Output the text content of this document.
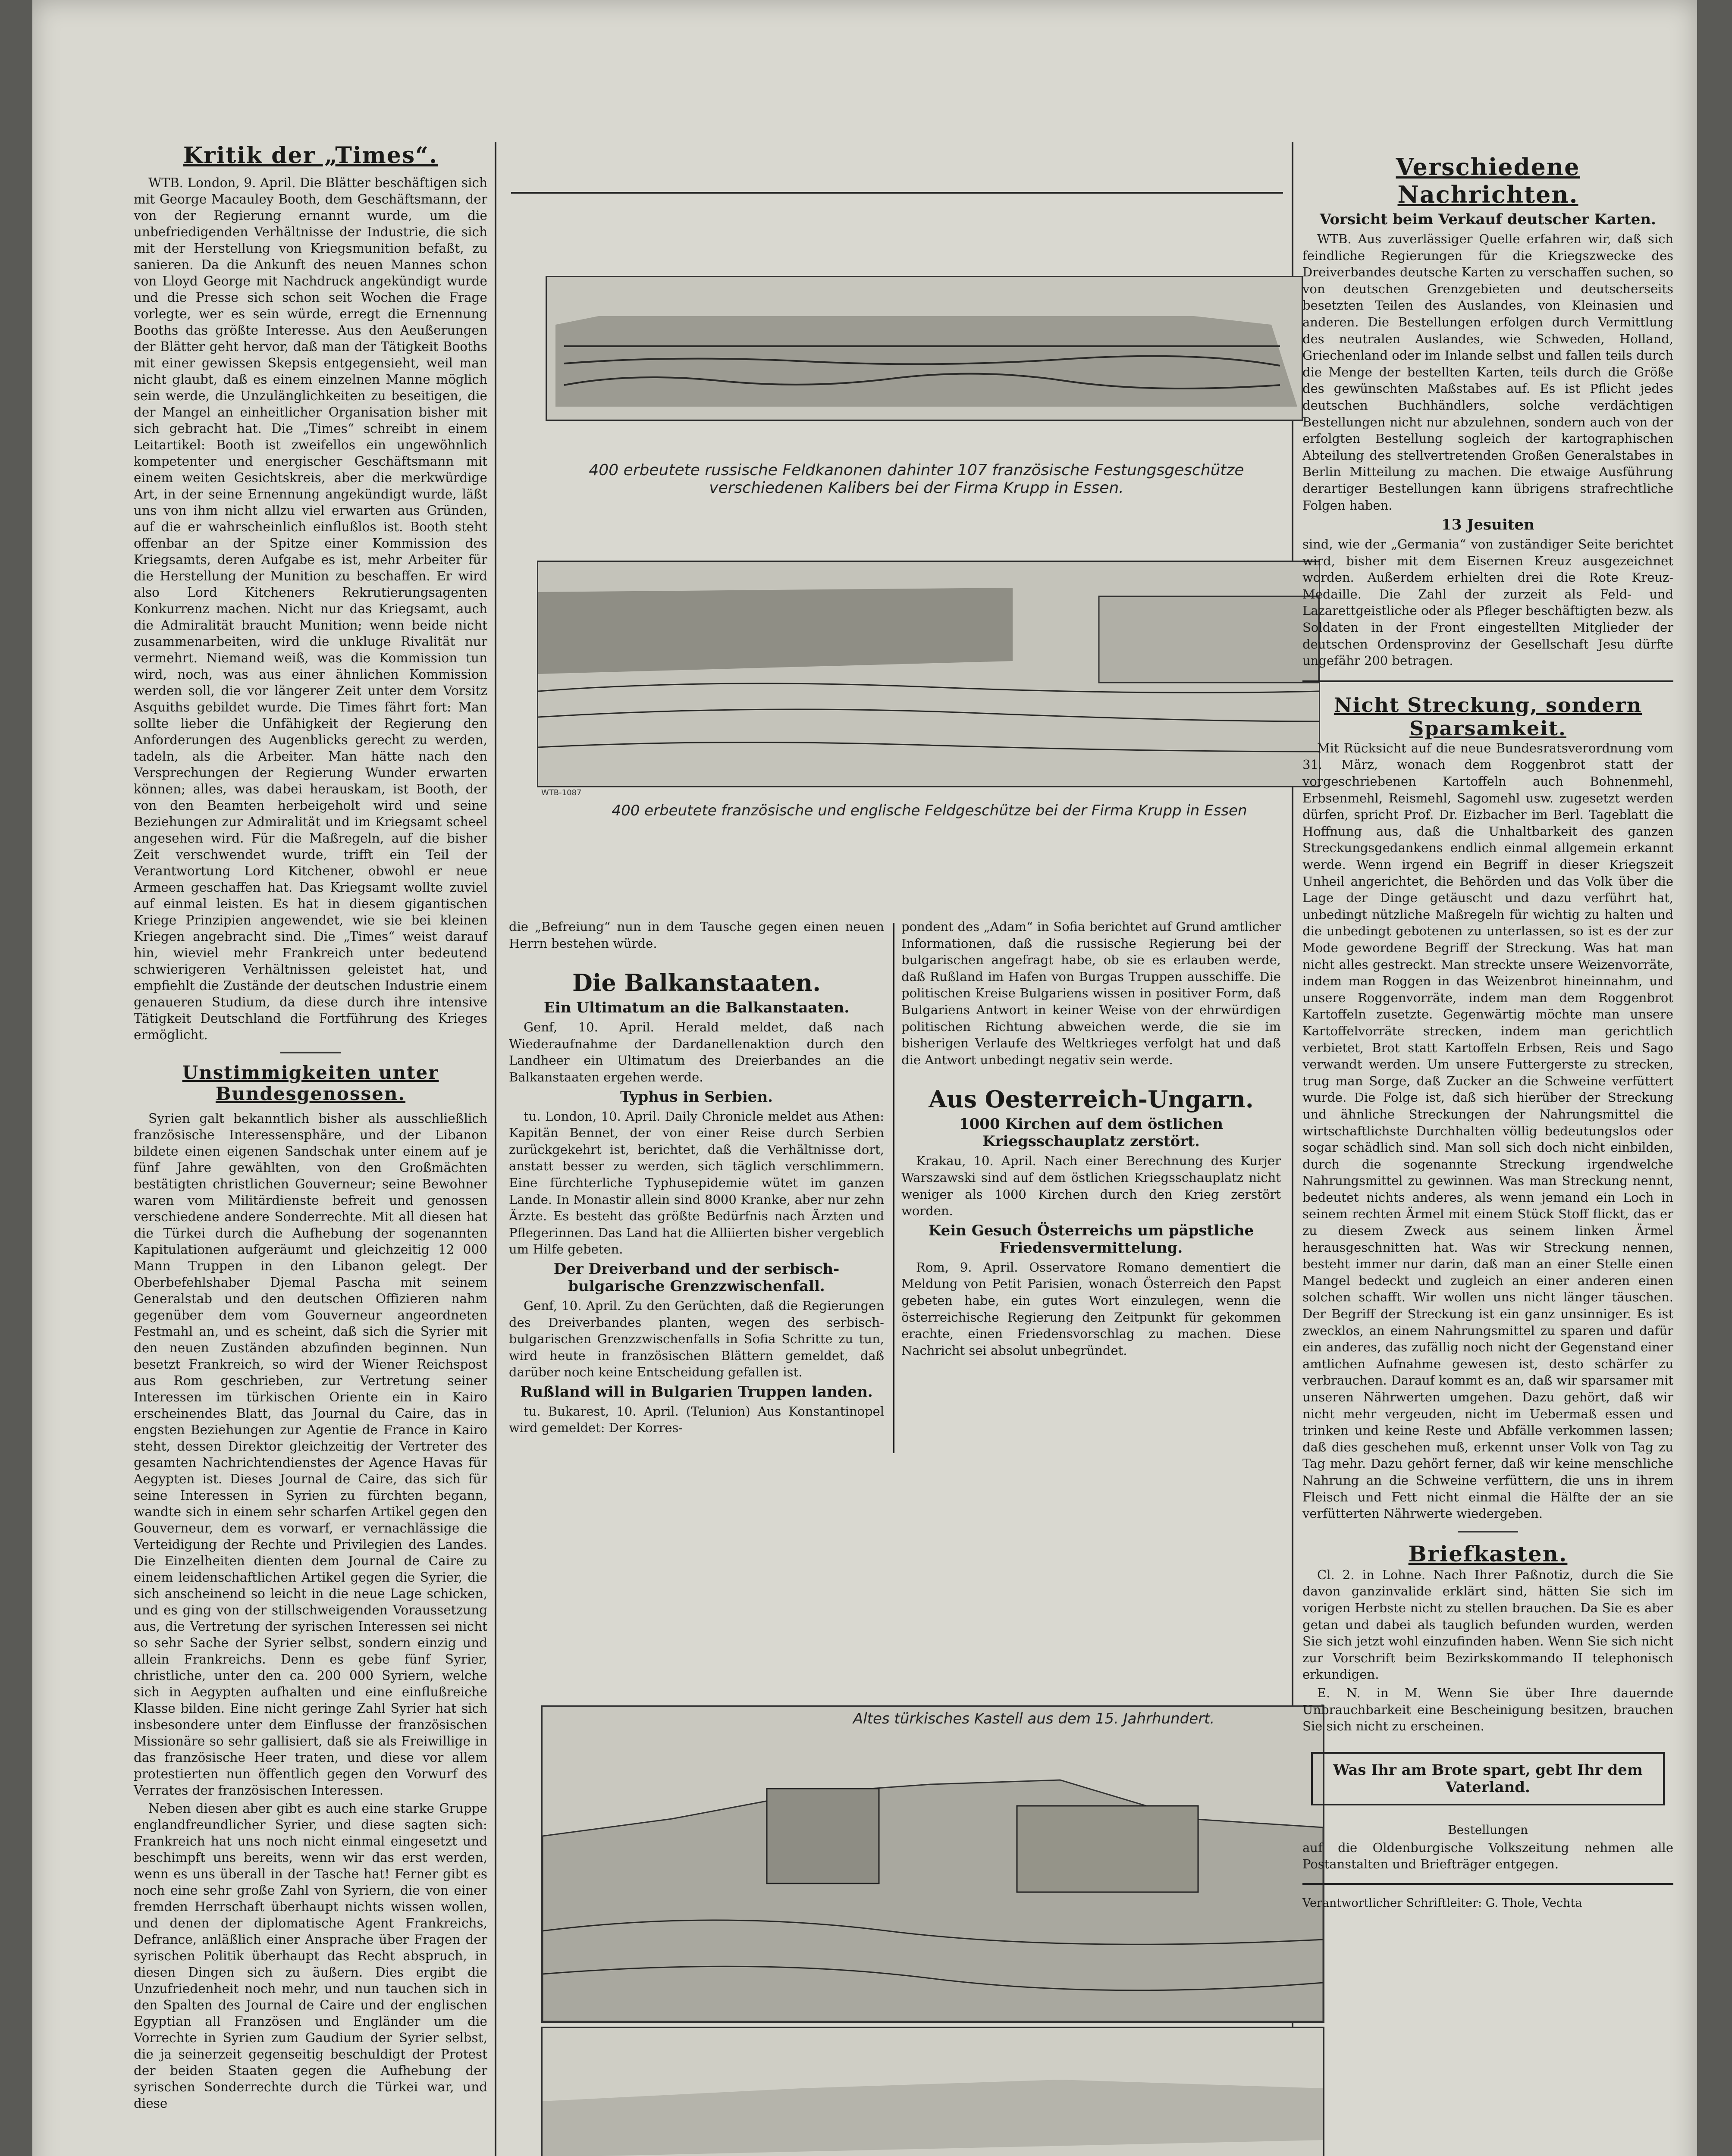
Kritik der „Times“.

WTB. London, 9. April. Die Blätter beschäftigen sich mit George Macauley Booth, dem Geschäftsmann, der von der Regierung ernannt wurde, um die unbefriedigenden Verhältnisse der Industrie, die sich mit der Herstellung von Kriegsmunition befaßt, zu sanieren. Da die Ankunft des neuen Mannes schon von Lloyd George mit Nachdruck angekündigt wurde und die Presse sich schon seit Wochen die Frage vorlegte, wer es sein würde, erregt die Ernennung Booths das größte Interesse. Aus den Aeußerungen der Blätter geht hervor, daß man der Tätigkeit Booths mit einer gewissen Skepsis entgegensieht, weil man nicht glaubt, daß es einem einzelnen Manne möglich sein werde, die Unzulänglichkeiten zu beseitigen, die der Mangel an einheitlicher Organisation bisher mit sich gebracht hat. Die „Times“ schreibt in einem Leitartikel: Booth ist zweifellos ein ungewöhnlich kompetenter und energischer Geschäftsmann mit einem weiten Gesichtskreis, aber die merkwürdige Art, in der seine Ernennung angekündigt wurde, läßt uns von ihm nicht allzu viel erwarten aus Gründen, auf die er wahrscheinlich einflußlos ist. Booth steht offenbar an der Spitze einer Kommission des Kriegsamts, deren Aufgabe es ist, mehr Arbeiter für die Herstellung der Munition zu beschaffen. Er wird also Lord Kitcheners Rekrutierungsagenten Konkurrenz machen. Nicht nur das Kriegsamt, auch die Admiralität braucht Munition; wenn beide nicht zusammenarbeiten, wird die unkluge Rivalität nur vermehrt. Niemand weiß, was die Kommission tun wird, noch, was aus einer ähnlichen Kommission werden soll, die vor längerer Zeit unter dem Vorsitz Asquiths gebildet wurde. Die Times fährt fort: Man sollte lieber die Unfähigkeit der Regierung den Anforderungen des Augenblicks gerecht zu werden, tadeln, als die Arbeiter. Man hätte nach den Versprechungen der Regierung Wunder erwarten können; alles, was dabei herauskam, ist Booth, der von den Beamten herbeigeholt wird und seine Beziehungen zur Admiralität und im Kriegsamt scheel angesehen wird. Für die Maßregeln, auf die bisher Zeit verschwendet wurde, trifft ein Teil der Verantwortung Lord Kitchener, obwohl er neue Armeen geschaffen hat. Das Kriegsamt wollte zuviel auf einmal leisten. Es hat in diesem gigantischen Kriege Prinzipien angewendet, wie sie bei kleinen Kriegen angebracht sind. Die „Times“ weist darauf hin, wieviel mehr Frankreich unter bedeutend schwierigeren Verhältnissen geleistet hat, und empfiehlt die Zustände der deutschen Industrie einem genaueren Studium, da diese durch ihre intensive Tätigkeit Deutschland die Fortführung des Krieges ermöglicht.

Unstimmigkeiten unter Bundesgenossen.

Syrien galt bekanntlich bisher als ausschließlich französische Interessensphäre, und der Libanon bildete einen eigenen Sandschak unter einem auf je fünf Jahre gewählten, von den Großmächten bestätigten christlichen Gouverneur; seine Bewohner waren vom Militärdienste befreit und genossen verschiedene andere Sonderrechte. Mit all diesen hat die Türkei durch die Aufhebung der sogenannten Kapitulationen aufgeräumt und gleichzeitig 12 000 Mann Truppen in den Libanon gelegt. Der Oberbefehlshaber Djemal Pascha mit seinem Generalstab und den deutschen Offizieren nahm gegenüber dem vom Gouverneur angeordneten Festmahl an, und es scheint, daß sich die Syrier mit den neuen Zuständen abzufinden beginnen. Nun besetzt Frankreich, so wird der Wiener Reichspost aus Rom geschrieben, zur Vertretung seiner Interessen im türkischen Oriente ein in Kairo erscheinendes Blatt, das Journal du Caire, das in engsten Beziehungen zur Agentie de France in Kairo steht, dessen Direktor gleichzeitig der Vertreter des gesamten Nachrichtendienstes der Agence Havas für Aegypten ist. Dieses Journal de Caire, das sich für seine Interessen in Syrien zu fürchten begann, wandte sich in einem sehr scharfen Artikel gegen den Gouverneur, dem es vorwarf, er vernachlässige die Verteidigung der Rechte und Privilegien des Landes. Die Einzelheiten dienten dem Journal de Caire zu einem leidenschaftlichen Artikel gegen die Syrier, die sich anscheinend so leicht in die neue Lage schicken, und es ging von der stillschweigenden Voraussetzung aus, die Vertretung der syrischen Interessen sei nicht so sehr Sache der Syrier selbst, sondern einzig und allein Frankreichs. Denn es gebe fünf Syrier, christliche, unter den ca. 200 000 Syriern, welche sich in Aegypten aufhalten und eine einflußreiche Klasse bilden. Eine nicht geringe Zahl Syrier hat sich insbesondere unter dem Einflusse der französischen Missionäre so sehr gallisiert, daß sie als Freiwillige in das französische Heer traten, und diese vor allem protestierten nun öffentlich gegen den Vorwurf des Verrates der französischen Interessen.

Neben diesen aber gibt es auch eine starke Gruppe englandfreundlicher Syrier, und diese sagten sich: Frankreich hat uns noch nicht einmal eingesetzt und beschimpft uns bereits, wenn wir das erst werden, wenn es uns überall in der Tasche hat! Ferner gibt es noch eine sehr große Zahl von Syriern, die von einer fremden Herrschaft überhaupt nichts wissen wollen, und denen der diplomatische Agent Frankreichs, Defrance, anläßlich einer Ansprache über Fragen der syrischen Politik überhaupt das Recht abspruch, in diesen Dingen sich zu äußern. Dies ergibt die Unzufriedenheit noch mehr, und nun tauchen sich in den Spalten des Journal de Caire und der englischen Egyptian all Französen und Engländer um die Vorrechte in Syrien zum Gaudium der Syrier selbst, die ja seinerzeit gegenseitig beschuldigt der Protest der beiden Staaten gegen die Aufhebung der syrischen Sonderrechte durch die Türkei war, und diese

400 erbeutete russische Feldkanonen dahinter 107 französische Festungsgeschütze verschiedenen Kalibers bei der Firma Krupp in Essen.
WTB-1087
400 erbeutete französische und englische Feldgeschütze bei der Firma Krupp in Essen

die „Befreiung“ nun in dem Tausche gegen einen neuen Herrn bestehen würde.

Die Balkanstaaten.
Ein Ultimatum an die Balkanstaaten.

Genf, 10. April. Herald meldet, daß nach Wiederaufnahme der Dardanellenaktion durch den Landheer ein Ultimatum des Dreierbandes an die Balkanstaaten ergehen werde.

Typhus in Serbien.

tu. London, 10. April. Daily Chronicle meldet aus Athen: Kapitän Bennet, der von einer Reise durch Serbien zurückgekehrt ist, berichtet, daß die Verhältnisse dort, anstatt besser zu werden, sich täglich verschlimmern. Eine fürchterliche Typhusepidemie wütet im ganzen Lande. In Monastir allein sind 8000 Kranke, aber nur zehn Ärzte. Es besteht das größte Bedürfnis nach Ärzten und Pflegerinnen. Das Land hat die Alliierten bisher vergeblich um Hilfe gebeten.

Der Dreiverband und der serbisch-bulgarische Grenzzwischenfall.

Genf, 10. April. Zu den Gerüchten, daß die Regierungen des Dreiverbandes planten, wegen des serbisch-bulgarischen Grenzzwischenfalls in Sofia Schritte zu tun, wird heute in französischen Blättern gemeldet, daß darüber noch keine Entscheidung gefallen ist.

Rußland will in Bulgarien Truppen landen.

tu. Bukarest, 10. April. (Telunion) Aus Konstantinopel wird gemeldet: Der Korres-

pondent des „Adam“ in Sofia berichtet auf Grund amtlicher Informationen, daß die russische Regierung bei der bulgarischen angefragt habe, ob sie es erlauben werde, daß Rußland im Hafen von Burgas Truppen ausschiffe. Die politischen Kreise Bulgariens wissen in positiver Form, daß Bulgariens Antwort in keiner Weise von der ehrwürdigen politischen Richtung abweichen werde, die sie im bisherigen Verlaufe des Weltkrieges verfolgt hat und daß die Antwort unbedingt negativ sein werde.

Aus Oesterreich-Ungarn.
1000 Kirchen auf dem östlichen Kriegsschauplatz zerstört.

Krakau, 10. April. Nach einer Berechnung des Kurjer Warszawski sind auf dem östlichen Kriegsschauplatz nicht weniger als 1000 Kirchen durch den Krieg zerstört worden.

Kein Gesuch Österreichs um päpstliche Friedensvermittelung.

Rom, 9. April. Osservatore Romano dementiert die Meldung von Petit Parisien, wonach Österreich den Papst gebeten habe, ein gutes Wort einzulegen, wenn die österreichische Regierung den Zeitpunkt für gekommen erachte, einen Friedensvorschlag zu machen. Diese Nachricht sei absolut unbegründet.

Altes türkisches Kastell aus dem 15. Jahrhundert.
Verschiedene Nachrichten.
Vorsicht beim Verkauf deutscher Karten.

WTB. Aus zuverlässiger Quelle erfahren wir, daß sich feindliche Regierungen für die Kriegszwecke des Dreiverbandes deutsche Karten zu verschaffen suchen, so von deutschen Grenzgebieten und deutscherseits besetzten Teilen des Auslandes, von Kleinasien und anderen. Die Bestellungen erfolgen durch Vermittlung des neutralen Auslandes, wie Schweden, Holland, Griechenland oder im Inlande selbst und fallen teils durch die Menge der bestellten Karten, teils durch die Größe des gewünschten Maßstabes auf. Es ist Pflicht jedes deutschen Buchhändlers, solche verdächtigen Bestellungen nicht nur abzulehnen, sondern auch von der erfolgten Bestellung sogleich der kartographischen Abteilung des stellvertretenden Großen Generalstabes in Berlin Mitteilung zu machen. Die etwaige Ausführung derartiger Bestellungen kann übrigens strafrechtliche Folgen haben.

13 Jesuiten

sind, wie der „Germania“ von zuständiger Seite berichtet wird, bisher mit dem Eisernen Kreuz ausgezeichnet worden. Außerdem erhielten drei die Rote Kreuz-Medaille. Die Zahl der zurzeit als Feld- und Lazarettgeistliche oder als Pfleger beschäftigten bezw. als Soldaten in der Front eingestellten Mitglieder der deutschen Ordensprovinz der Gesellschaft Jesu dürfte ungefähr 200 betragen.

Nicht Streckung, sondern Sparsamkeit.

Mit Rücksicht auf die neue Bundesratsverordnung vom 31. März, wonach dem Roggenbrot statt der vorgeschriebenen Kartoffeln auch Bohnenmehl, Erbsenmehl, Reismehl, Sagomehl usw. zugesetzt werden dürfen, spricht Prof. Dr. Eizbacher im Berl. Tageblatt die Hoffnung aus, daß die Unhaltbarkeit des ganzen Streckungsgedankens endlich einmal allgemein erkannt werde. Wenn irgend ein Begriff in dieser Kriegszeit Unheil angerichtet, die Behörden und das Volk über die Lage der Dinge getäuscht und dazu verführt hat, unbedingt nützliche Maßregeln für wichtig zu halten und die unbedingt gebotenen zu unterlassen, so ist es der zur Mode gewordene Begriff der Streckung. Was hat man nicht alles gestreckt. Man streckte unsere Weizenvorräte, indem man Roggen in das Weizenbrot hineinnahm, und unsere Roggenvorräte, indem man dem Roggenbrot Kartoffeln zusetzte. Gegenwärtig möchte man unsere Kartoffelvorräte strecken, indem man gerichtlich verbietet, Brot statt Kartoffeln Erbsen, Reis und Sago verwandt werden. Um unsere Futtergerste zu strecken, trug man Sorge, daß Zucker an die Schweine verfüttert wurde. Die Folge ist, daß sich hierüber der Streckung und ähnliche Streckungen der Nahrungsmittel die wirtschaftlichste Durchhalten völlig bedeutungslos oder sogar schädlich sind. Man soll sich doch nicht einbilden, durch die sogenannte Streckung irgendwelche Nahrungsmittel zu gewinnen. Was man Streckung nennt, bedeutet nichts anderes, als wenn jemand ein Loch in seinem rechten Ärmel mit einem Stück Stoff flickt, das er zu diesem Zweck aus seinem linken Ärmel herausgeschnitten hat. Was wir Streckung nennen, besteht immer nur darin, daß man an einer Stelle einen Mangel bedeckt und zugleich an einer anderen einen solchen schafft. Wir wollen uns nicht länger täuschen. Der Begriff der Streckung ist ein ganz unsinniger. Es ist zwecklos, an einem Nahrungsmittel zu sparen und dafür ein anderes, das zufällig noch nicht der Gegenstand einer amtlichen Aufnahme gewesen ist, desto schärfer zu verbrauchen. Darauf kommt es an, daß wir sparsamer mit unseren Nährwerten umgehen. Dazu gehört, daß wir nicht mehr vergeuden, nicht im Uebermaß essen und trinken und keine Reste und Abfälle verkommen lassen; daß dies geschehen muß, erkennt unser Volk von Tag zu Tag mehr. Dazu gehört ferner, daß wir keine menschliche Nahrung an die Schweine verfüttern, die uns in ihrem Fleisch und Fett nicht einmal die Hälfte der an sie verfütterten Nährwerte wiedergeben.

Briefkasten.

Cl. 2. in Lohne. Nach Ihrer Paßnotiz, durch die Sie davon ganzinvalide erklärt sind, hätten Sie sich im vorigen Herbste nicht zu stellen brauchen. Da Sie es aber getan und dabei als tauglich befunden wurden, werden Sie sich jetzt wohl einzufinden haben. Wenn Sie sich nicht zur Vorschrift beim Bezirkskommando II telephonisch erkundigen.

E. N. in M. Wenn Sie über Ihre dauernde Unbrauchbarkeit eine Bescheinigung besitzen, brauchen Sie sich nicht zu erscheinen.

Was Ihr am Brote spart, gebt Ihr dem Vaterland.
Bestellungen

auf die Oldenburgische Volkszeitung nehmen alle Postanstalten und Briefträger entgegen.

Verantwortlicher Schriftleiter: G. Thole, Vechta
